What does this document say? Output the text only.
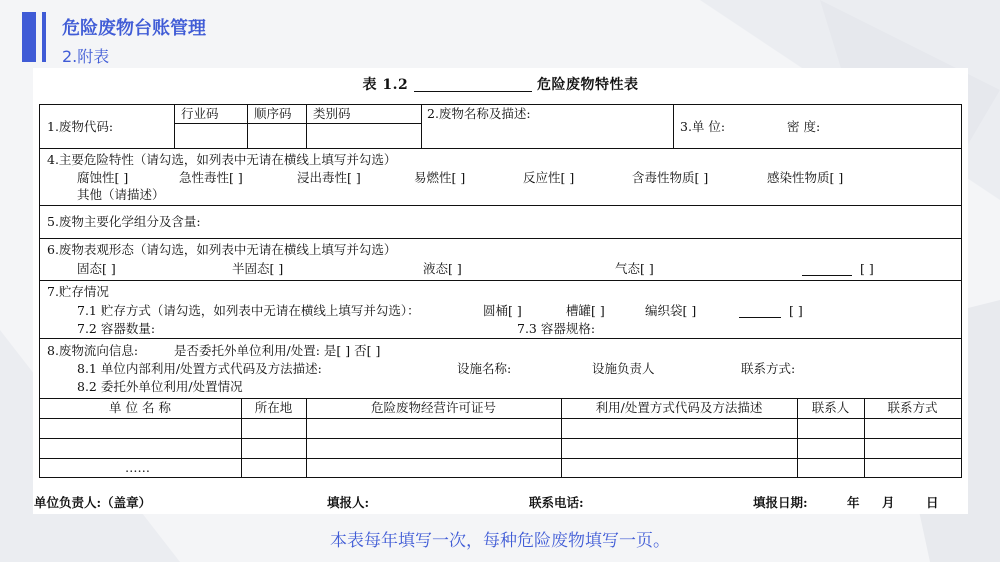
危险废物台账管理
2.附表
表 1.2	危险废物特性表
1.废物代码:
行业码	顺序码 类别码	2.废物名称及描述:
3.单 位:	密 度:
4.主要危险特性（请勾选，如列表中无请在横线上填写并勾选）
腐蚀性[ ]	急性毒性[ ]	浸出毒性[ ]	易燃性[ ]	反应性[ ]	含毒性物质[ ]	感染性物质[ ]
其他（请描述）
5.废物主要化学组分及含量:
6.废物表观形态（请勾选，如列表中无请在横线上填写并勾选）
固态[ ]	半固态[ ]	液态[ ]	气态[ ]	[ ]
7.贮存情况
7.1 贮存方式（请勾选，如列表中无请在横线上填写并勾选）：	圆桶[ ]	槽罐[ ]	编织袋[ ]	[ ]
7.2 容器数量:	7.3 容器规格:
8.废物流向信息:	是否委托外单位利用/处置: 是[ ] 否[ ]
8.1 单位内部利用/处置方式代码及方法描述:	设施名称:	设施负责人	联系方式:
8.2 委托外单位利用/处置情况
单 位 名 称	所在地	危险废物经营许可证号	利用/处置方式代码及方法描述	联系人	联系方式
……
单位负责人:（盖章）	填报人:	联系电话:	填报日期:	年 月	日
本表每年填写一次，每种危险废物填写一页。
